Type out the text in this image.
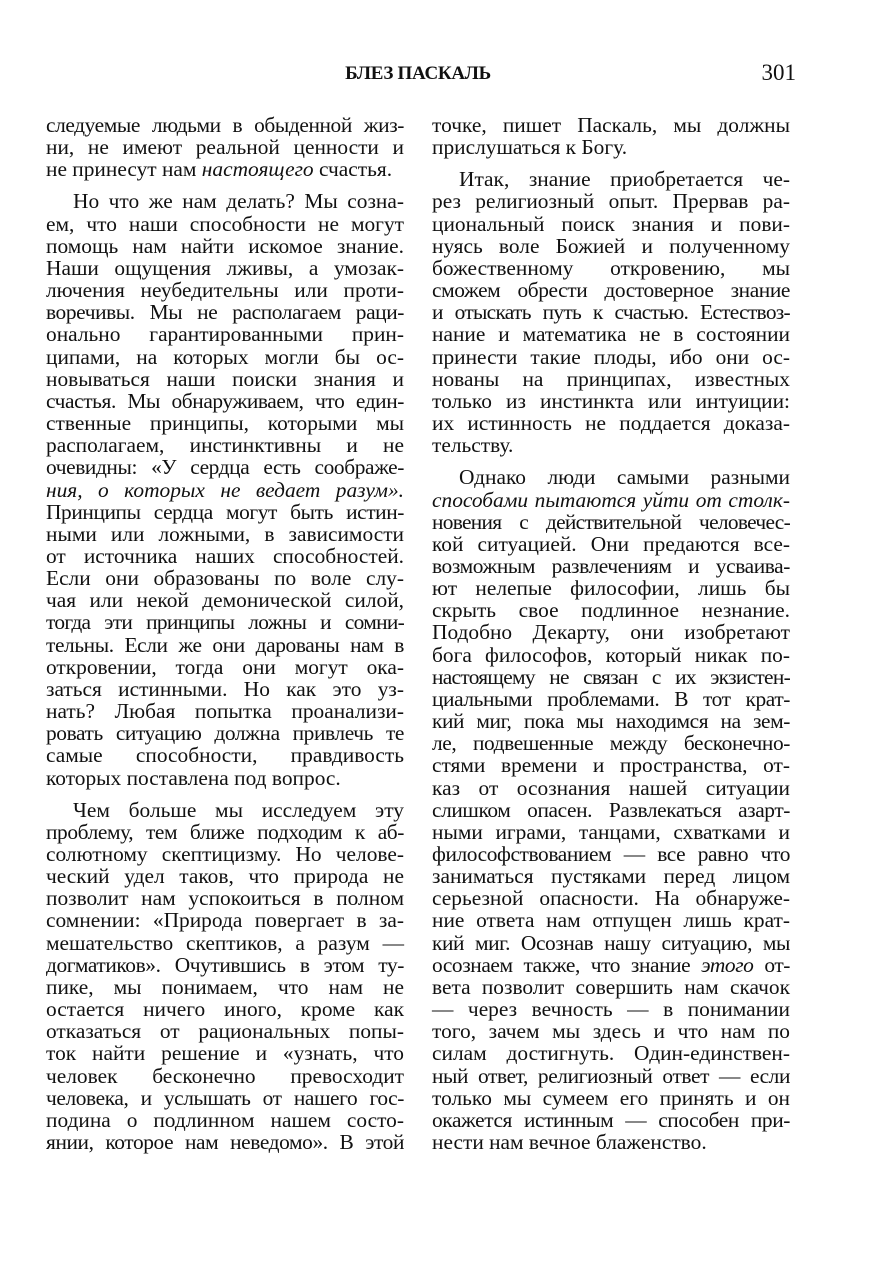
БЛЕЗ ПАСКАЛЬ	301

следуемые людьми в обыденной жиз-
ни, не имеют реальной ценности и
не принесут нам настоящего счастья.

Но что же нам делать? Мы сознa-
ем, что наши способности не могут
помощь нам найти искомое знание.
Наши ощущения лживы, а умозак-
лючения неубедительны или проти-
воречивы. Мы не располагаем раци-
онально гарантированными прин-
ципами, на которых могли бы ос-
новываться наши поиски знания и
счастья. Мы обнаруживаем, что един-
ственные принципы, которыми мы
располагаем, инстинктивны и не
очевидны: «У сердца есть соображе-
ния, о которых не ведает разум».
Принципы сердца могут быть истин-
ными или ложными, в зависимости
от источника наших способностей.
Если они образованы по воле слу-
чая или некой демонической силой,
тогда эти принципы ложны и сомни-
тельны. Если же они дарованы нам в
откровении, тогда они могут ока-
заться истинными. Но как это уз-
нать? Любая попытка проанализи-
ровать ситуацию должна привлечь те
самые способности, правдивость
которых поставлена под вопрос.

Чем больше мы исследуем эту
проблему, тем ближе подходим к аб-
солютному скептицизму. Но челове-
ческий удел таков, что природа не
позволит нам успокоиться в полном
сомнении: «Природа повергает в за-
мешательство скептиков, а разум —
догматиков». Очутившись в этом ту-
пике, мы понимаем, что нам не
остается ничего иного, кроме как
отказаться от рациональных попы-
ток найти решение и «узнать, что
человек бесконечно превосходит
человека, и услышать от нашего гос-
подина о подлинном нашем состо-
янии, которое нам неведомо». В этой

точке, пишет Паскаль, мы должны
прислушаться к Богу.

Итак, знание приобретается че-
рез религиозный опыт. Прервав ра-
циональный поиск знания и пови-
нуясь воле Божией и полученному
божественному откровению, мы
сможем обрести достоверное знание
и отыскать путь к счастью. Естествоз-
нание и математика не в состоянии
принести такие плоды, ибо они ос-
нованы на принципах, известных
только из инстинкта или интуиции:
их истинность не поддается доказа-
тельству.

Однако люди самыми разными
способами пытаются уйти от столк-
новения с действительной человечес-
кой ситуацией. Они предаются все-
возможным развлечениям и усваива-
ют нелепые философии, лишь бы
скрыть свое подлинное незнание.
Подобно Декарту, они изобретают
бога философов, который никак по-
настоящему не связан с их экзистен-
циальными проблемами. В тот крат-
кий миг, пока мы находимся на зем-
ле, подвешенные между бесконечно-
стями времени и пространства, от-
каз от осознания нашей ситуации
слишком опасен. Развлекаться азарт-
ными играми, танцами, схватками и
философствованием — все равно что
заниматься пустяками перед лицом
серьезной опасности. На обнаруже-
ние ответа нам отпущен лишь крат-
кий миг. Осознав нашу ситуацию, мы
осознаем также, что знание этого от-
вета позволит совершить нам скачок
— через вечность — в понимании
того, зачем мы здесь и что нам по
силам достигнуть. Один-единствен-
ный ответ, религиозный ответ — если
только мы сумеем его принять и он
окажется истинным — способен при-
нести нам вечное блаженство.
